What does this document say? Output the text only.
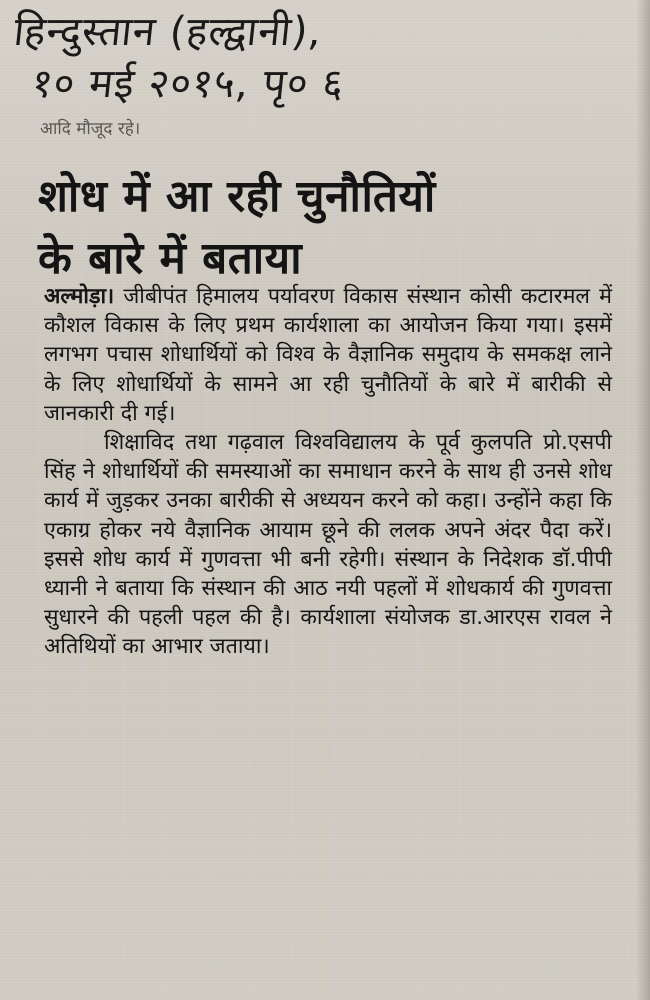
हिन्दुस्तान (हल्द्वानी),
१० मई २०१५, पृ० ६
आदि मौजूद रहे।
शोध में आ रही चुनौतियों
के बारे में बताया

अल्मोड़ा। जीबीपंत हिमालय पर्यावरण विकास संस्थान कोसी कटारमल में कौशल विकास के लिए प्रथम कार्यशाला का आयोजन किया गया। इसमें लगभग पचास शोधार्थियों को विश्व के वैज्ञानिक समुदाय के समकक्ष लाने के लिए शोधार्थियों के सामने आ रही चुनौतियों के बारे में बारीकी से जानकारी दी गई।

शिक्षाविद तथा गढ़वाल विश्वविद्यालय के पूर्व कुलपति प्रो.एसपी सिंह ने शोधार्थियों की समस्याओं का समाधान करने के साथ ही उनसे शोध कार्य में जुड़कर उनका बारीकी से अध्ययन करने को कहा। उन्होंने कहा कि एकाग्र होकर नये वैज्ञानिक आयाम छूने की ललक अपने अंदर पैदा करें। इससे शोध कार्य में गुणवत्ता भी बनी रहेगी। संस्थान के निदेशक डॉ.पीपी ध्यानी ने बताया कि संस्थान की आठ नयी पहलों में शोधकार्य की गुणवत्ता सुधारने की पहली पहल की है। कार्यशाला संयोजक डा.आरएस रावल ने अतिथियों का आभार जताया।
